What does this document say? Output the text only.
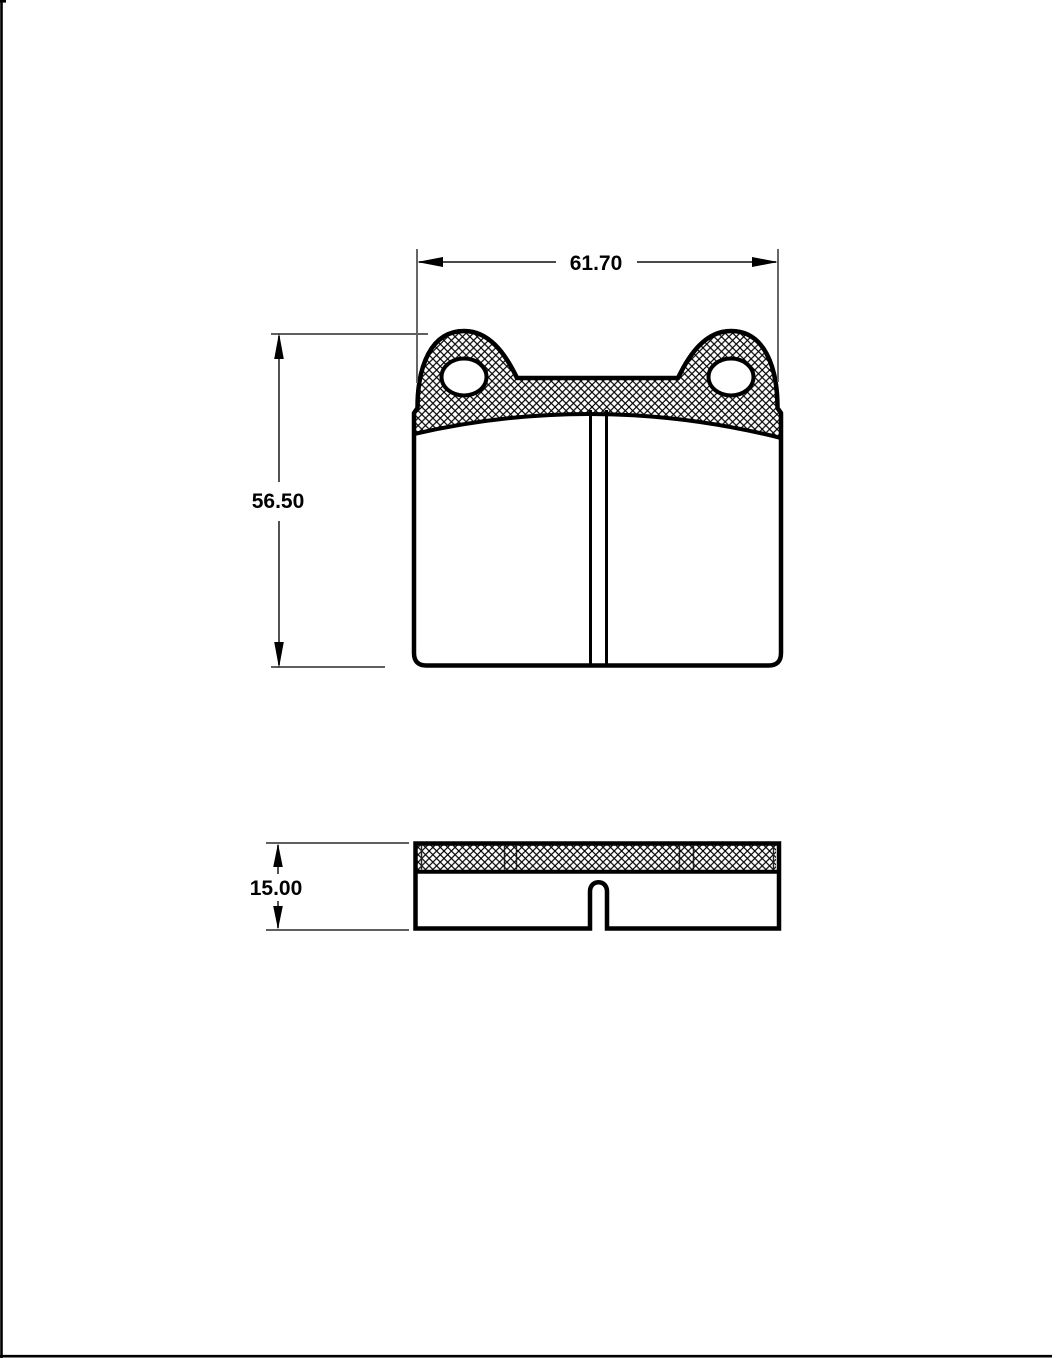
61.70
56.50
15.00
